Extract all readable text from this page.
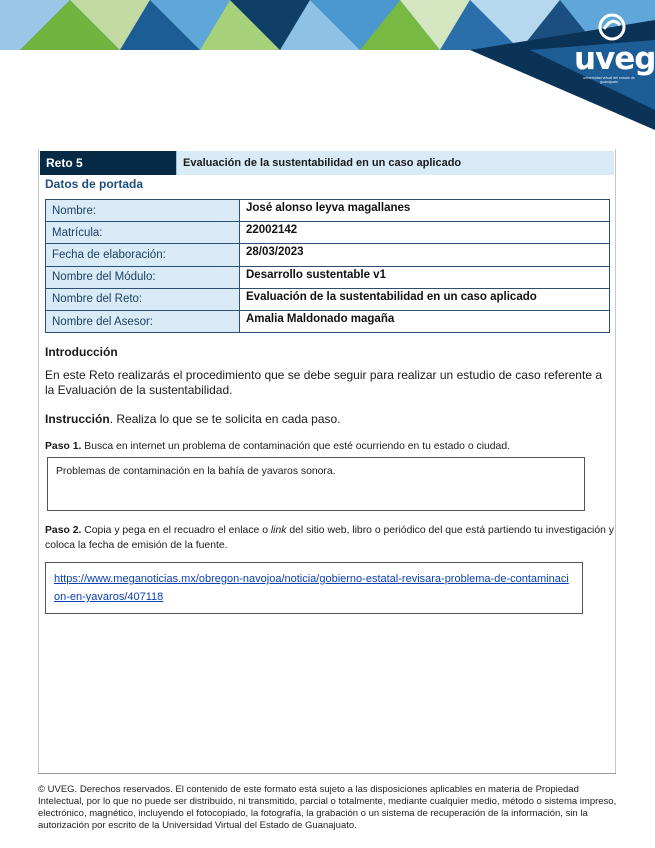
uveg
universidad virtual del estado de guanajuato
Reto 5	Evaluación de la sustentabilidad en un caso aplicado
Datos de portada
Nombre:	José alonso leyva magallanes
Matrícula:	22002142
Fecha de elaboración:	28/03/2023
Nombre del Módulo:	Desarrollo sustentable v1
Nombre del Reto:	Evaluación de la sustentabilidad en un caso aplicado
Nombre del Asesor:	Amalia Maldonado magaña
Introducción
En este Reto realizarás el procedimiento que se debe seguir para realizar un estudio de caso referente a la Evaluación de la sustentabilidad.
Instrucción. Realiza lo que se te solicita en cada paso.
Paso 1. Busca en internet un problema de contaminación que esté ocurriendo en tu estado o ciudad.
Problemas de contaminación en la bahía de yavaros sonora.
Paso 2. Copia y pega en el recuadro el enlace o link del sitio web, libro o periódico del que está partiendo tu investigación y coloca la fecha de emisión de la fuente.
https://www.meganoticias.mx/obregon-navojoa/noticia/gobierno-estatal-revisara-problema-de-contaminacion-en-yavaros/407118
© UVEG. Derechos reservados. El contenido de este formato está sujeto a las disposiciones aplicables en materia de Propiedad Intelectual, por lo que no puede ser distribuido, ni transmitido, parcial o totalmente, mediante cualquier medio, método o sistema impreso, electrónico, magnético, incluyendo el fotocopiado, la fotografía, la grabación o un sistema de recuperación de la información, sin la autorización por escrito de la Universidad Virtual del Estado de Guanajuato.
